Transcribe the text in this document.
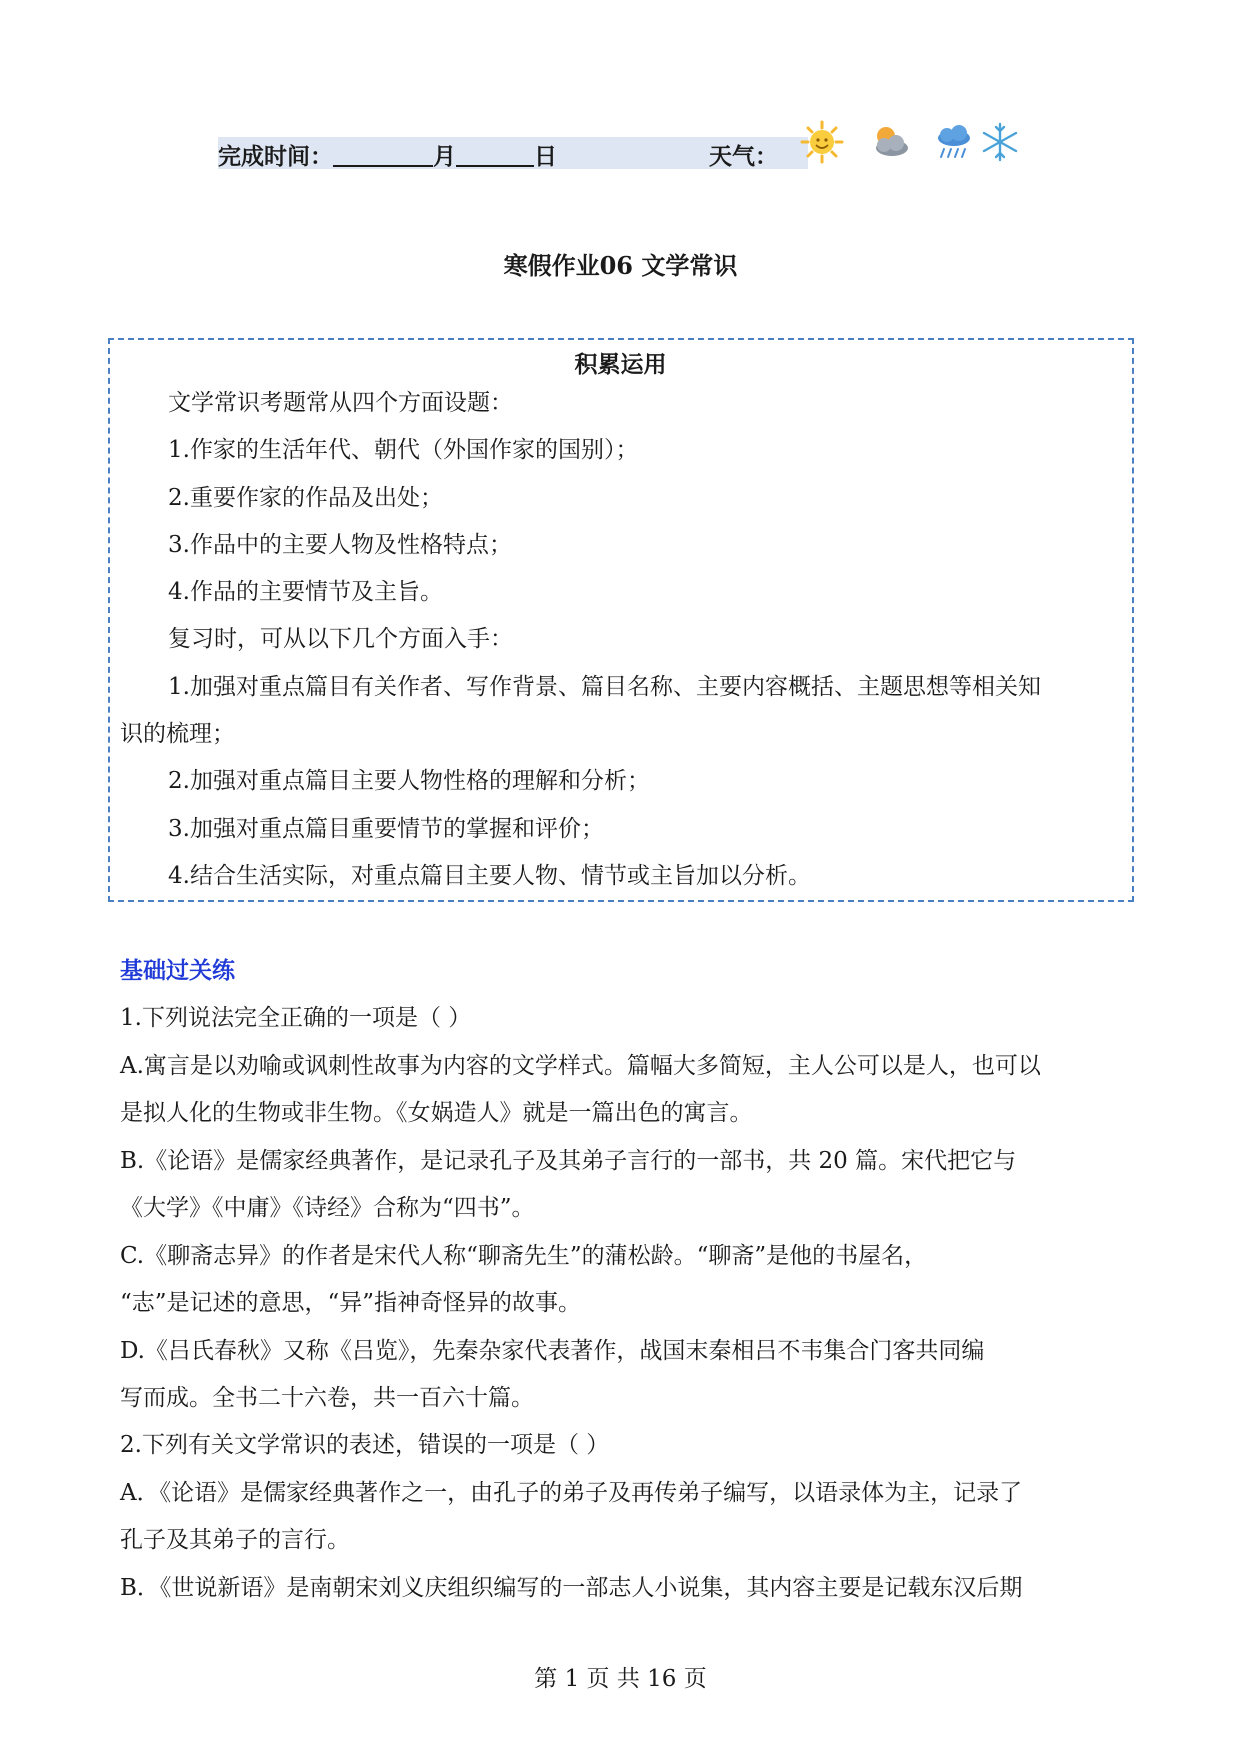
完成时间：	月	日	天气：
寒假作业06 文学常识
积累运用
文学常识考题常从四个方面设题：
1.作家的生活年代、朝代（外国作家的国别）；
2.重要作家的作品及出处；
3.作品中的主要人物及性格特点；
4.作品的主要情节及主旨。
复习时，可从以下几个方面入手：
1.加强对重点篇目有关作者、写作背景、篇目名称、主要内容概括、主题思想等相关知
识的梳理；
2.加强对重点篇目主要人物性格的理解和分析；
3.加强对重点篇目重要情节的掌握和评价；
4.结合生活实际，对重点篇目主要人物、情节或主旨加以分析。
基础过关练
1.下列说法完全正确的一项是（ ）
A.寓言是以劝喻或讽刺性故事为内容的文学样式。篇幅大多简短，主人公可以是人，也可以
是拟人化的生物或非生物。《女娲造人》就是一篇出色的寓言。
B.《论语》是儒家经典著作，是记录孔子及其弟子言行的一部书，共 20 篇。宋代把它与
《大学》《中庸》《诗经》合称为“四书”。
C.《聊斋志异》的作者是宋代人称“聊斋先生”的蒲松龄。“聊斋”是他的书屋名，
“志”是记述的意思，“异”指神奇怪异的故事。
D.《吕氏春秋》又称《吕览》，先秦杂家代表著作，战国末秦相吕不韦集合门客共同编
写而成。全书二十六卷，共一百六十篇。
2.下列有关文学常识的表述，错误的一项是（ ）
A．《论语》是儒家经典著作之一，由孔子的弟子及再传弟子编写，以语录体为主，记录了
孔子及其弟子的言行。
B．《世说新语》是南朝宋刘义庆组织编写的一部志人小说集，其内容主要是记载东汉后期
第 1 页 共 16 页
